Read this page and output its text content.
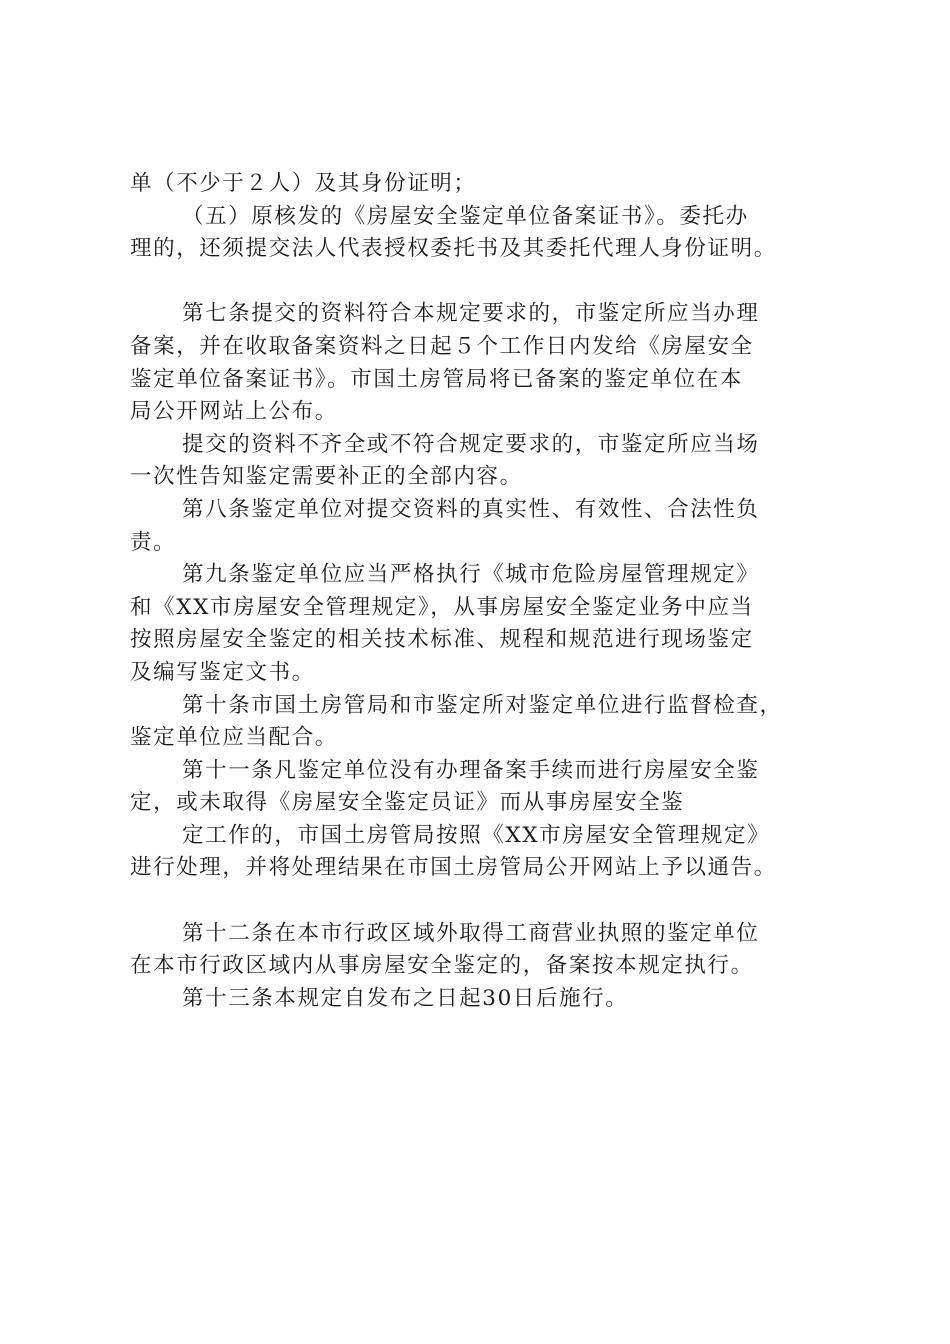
单（不少于２人）及其身份证明；
（五）原核发的《房屋安全鉴定单位备案证书》。委托办
理的，还须提交法人代表授权委托书及其委托代理人身份证明。
第七条提交的资料符合本规定要求的，市鉴定所应当办理
备案，并在收取备案资料之日起５个工作日内发给《房屋安全
鉴定单位备案证书》。市国土房管局将已备案的鉴定单位在本
局公开网站上公布。
提交的资料不齐全或不符合规定要求的，市鉴定所应当场
一次性告知鉴定需要补正的全部内容。
第八条鉴定单位对提交资料的真实性、有效性、合法性负
责。
第九条鉴定单位应当严格执行《城市危险房屋管理规定》
和《XX市房屋安全管理规定》，从事房屋安全鉴定业务中应当
按照房屋安全鉴定的相关技术标准、规程和规范进行现场鉴定
及编写鉴定文书。
第十条市国土房管局和市鉴定所对鉴定单位进行监督检查，
鉴定单位应当配合。
第十一条凡鉴定单位没有办理备案手续而进行房屋安全鉴
定，或未取得《房屋安全鉴定员证》而从事房屋安全鉴
定工作的，市国土房管局按照《XX市房屋安全管理规定》
进行处理，并将处理结果在市国土房管局公开网站上予以通告。
第十二条在本市行政区域外取得工商营业执照的鉴定单位
在本市行政区域内从事房屋安全鉴定的，备案按本规定执行。
第十三条本规定自发布之日起30日后施行。
